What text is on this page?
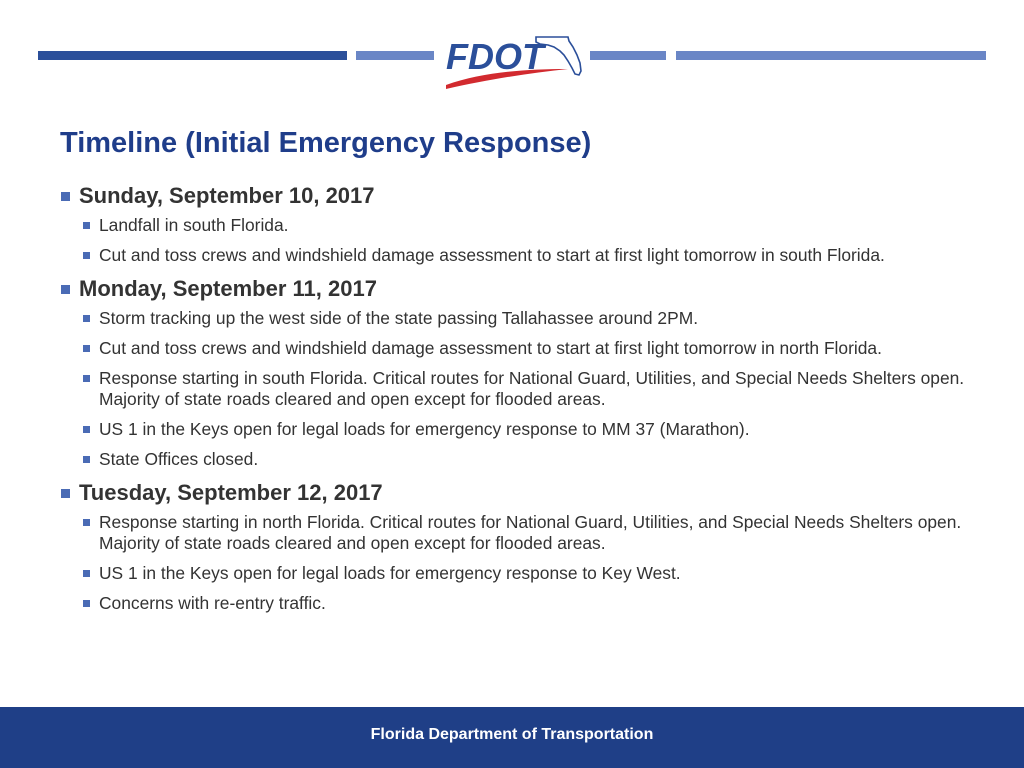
FDOT
Timeline (Initial Emergency Response)
Sunday, September 10, 2017
Landfall in south Florida.
Cut and toss crews and windshield damage assessment to start at first light tomorrow in south Florida.
Monday, September 11, 2017
Storm tracking up the west side of the state passing Tallahassee around 2PM.
Cut and toss crews and windshield damage assessment to start at first light tomorrow in north Florida.
Response starting in south Florida. Critical routes for National Guard, Utilities, and Special Needs Shelters open. Majority of state roads cleared and open except for flooded areas.
US 1 in the Keys open for legal loads for emergency response to MM 37 (Marathon).
State Offices closed.
Tuesday, September 12, 2017
Response starting in north Florida. Critical routes for National Guard, Utilities, and Special Needs Shelters open. Majority of state roads cleared and open except for flooded areas.
US 1 in the Keys open for legal loads for emergency response to Key West.
Concerns with re-entry traffic.
Florida Department of Transportation
